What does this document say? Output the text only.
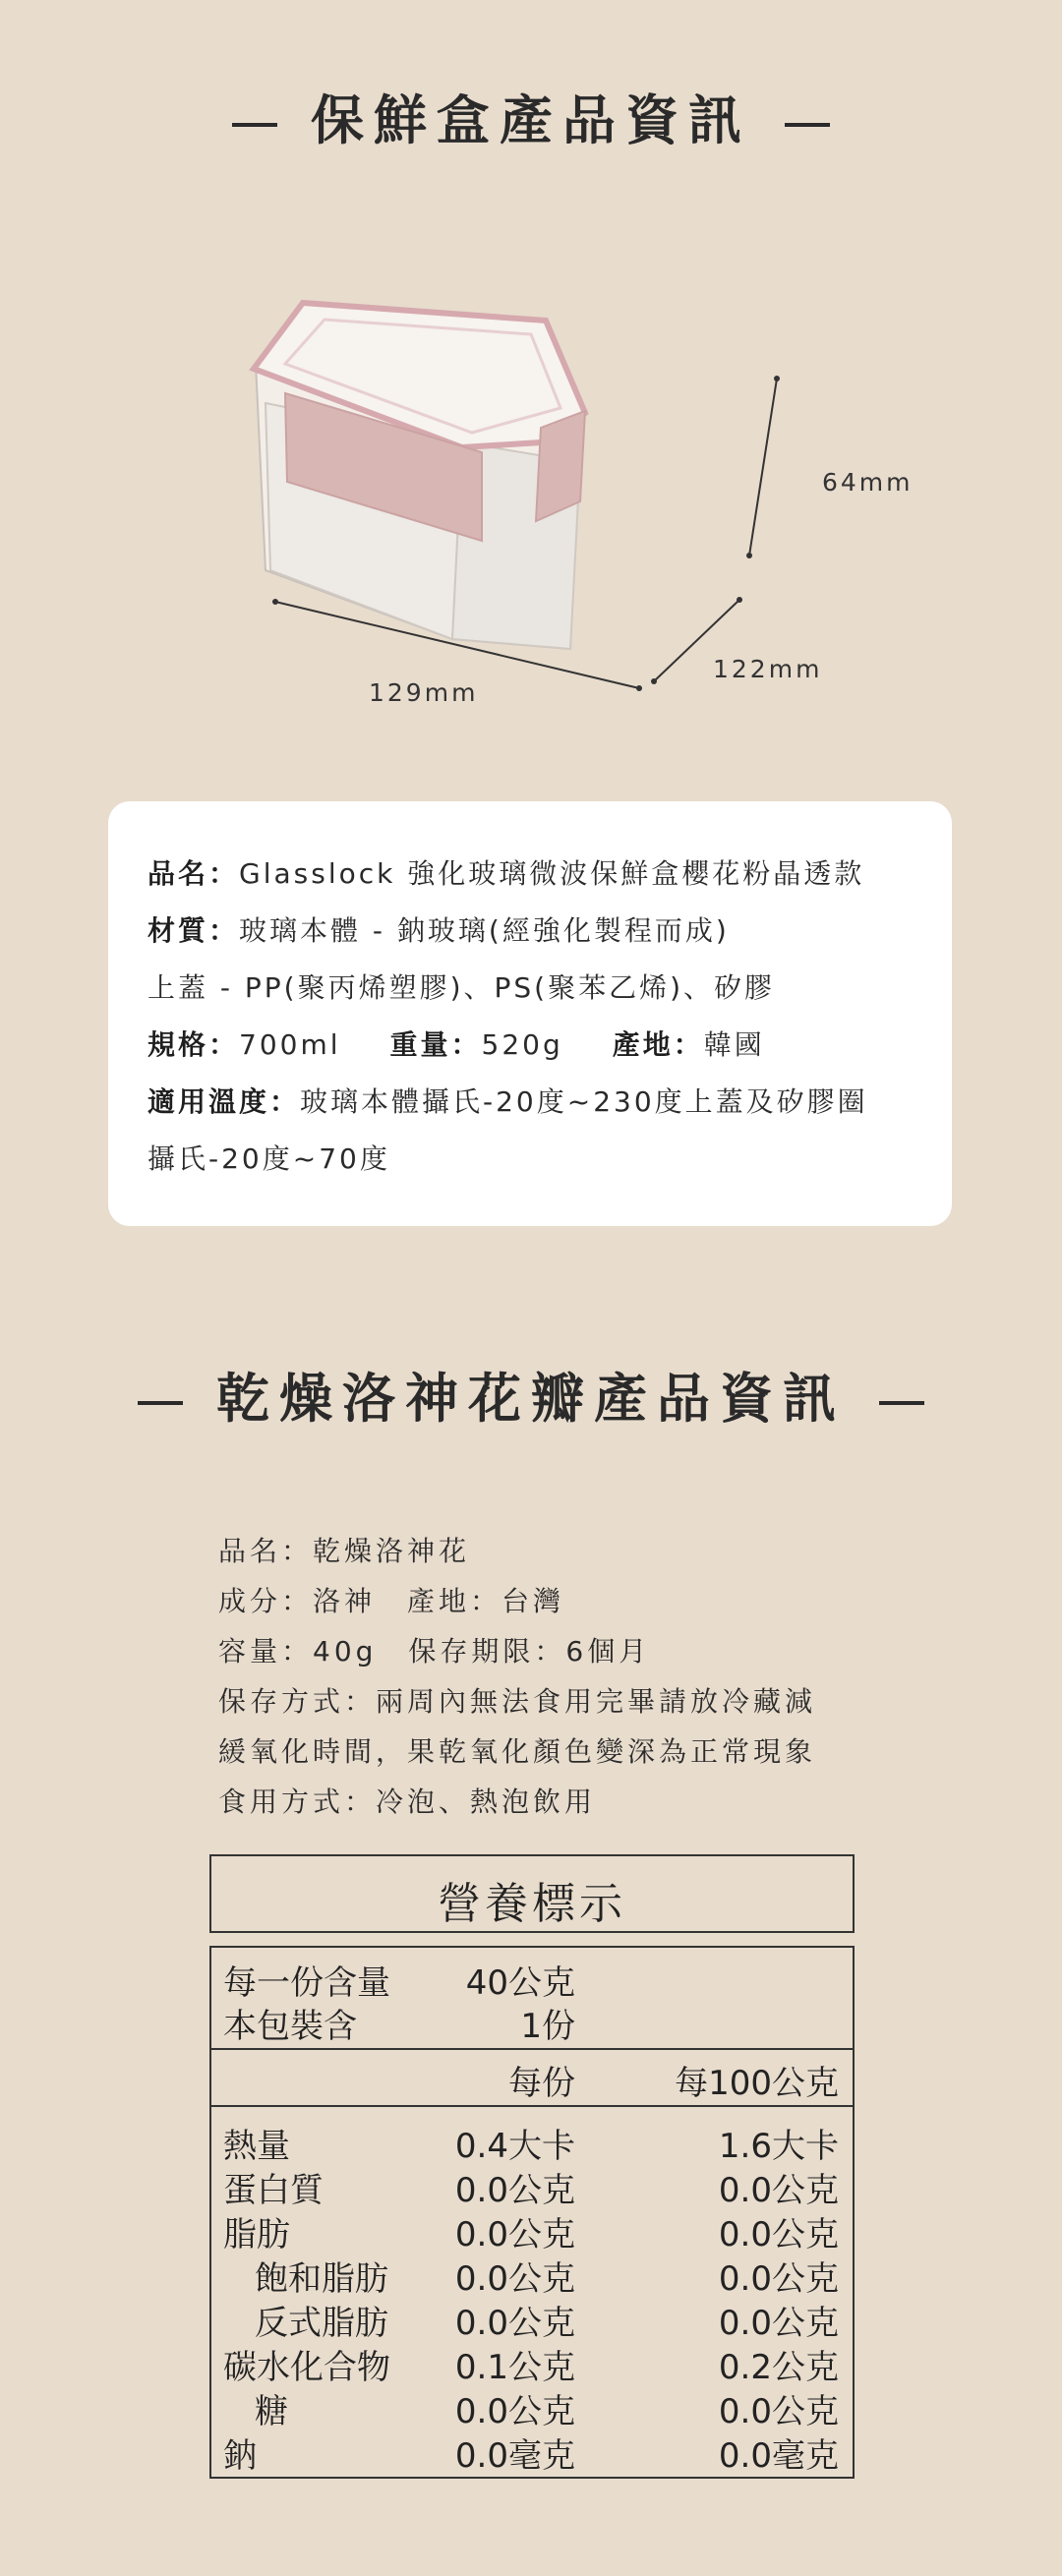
保鮮盒產品資訊
64mm
122mm
129mm
品名：Glasslock 強化玻璃微波保鮮盒櫻花粉晶透款
材質：玻璃本體 - 鈉玻璃(經強化製程而成)
上蓋 - PP(聚丙烯塑膠)、PS(聚苯乙烯)、矽膠
規格：700ml 重量：520g 產地：韓國
適用溫度：玻璃本體攝氏-20度~230度上蓋及矽膠圈
攝氏-20度~70度
乾燥洛神花瓣產品資訊
品名：乾燥洛神花
成分：洛神　產地：台灣
容量：40g　保存期限：6個月
保存方式：兩周內無法食用完畢請放冷藏減
緩氧化時間，果乾氧化顏色變深為正常現象
食用方式：冷泡、熱泡飲用
營養標示
每一份含量 40公克
本包裝含	1份
每份	每100公克
熱量	0.4大卡	1.6大卡
蛋白質	0.0公克	0.0公克
脂肪	0.0公克	0.0公克
飽和脂肪 0.0公克	0.0公克
反式脂肪 0.0公克	0.0公克
碳水化合物 0.1公克	0.2公克
糖	0.0公克	0.0公克
鈉	0.0毫克	0.0毫克
